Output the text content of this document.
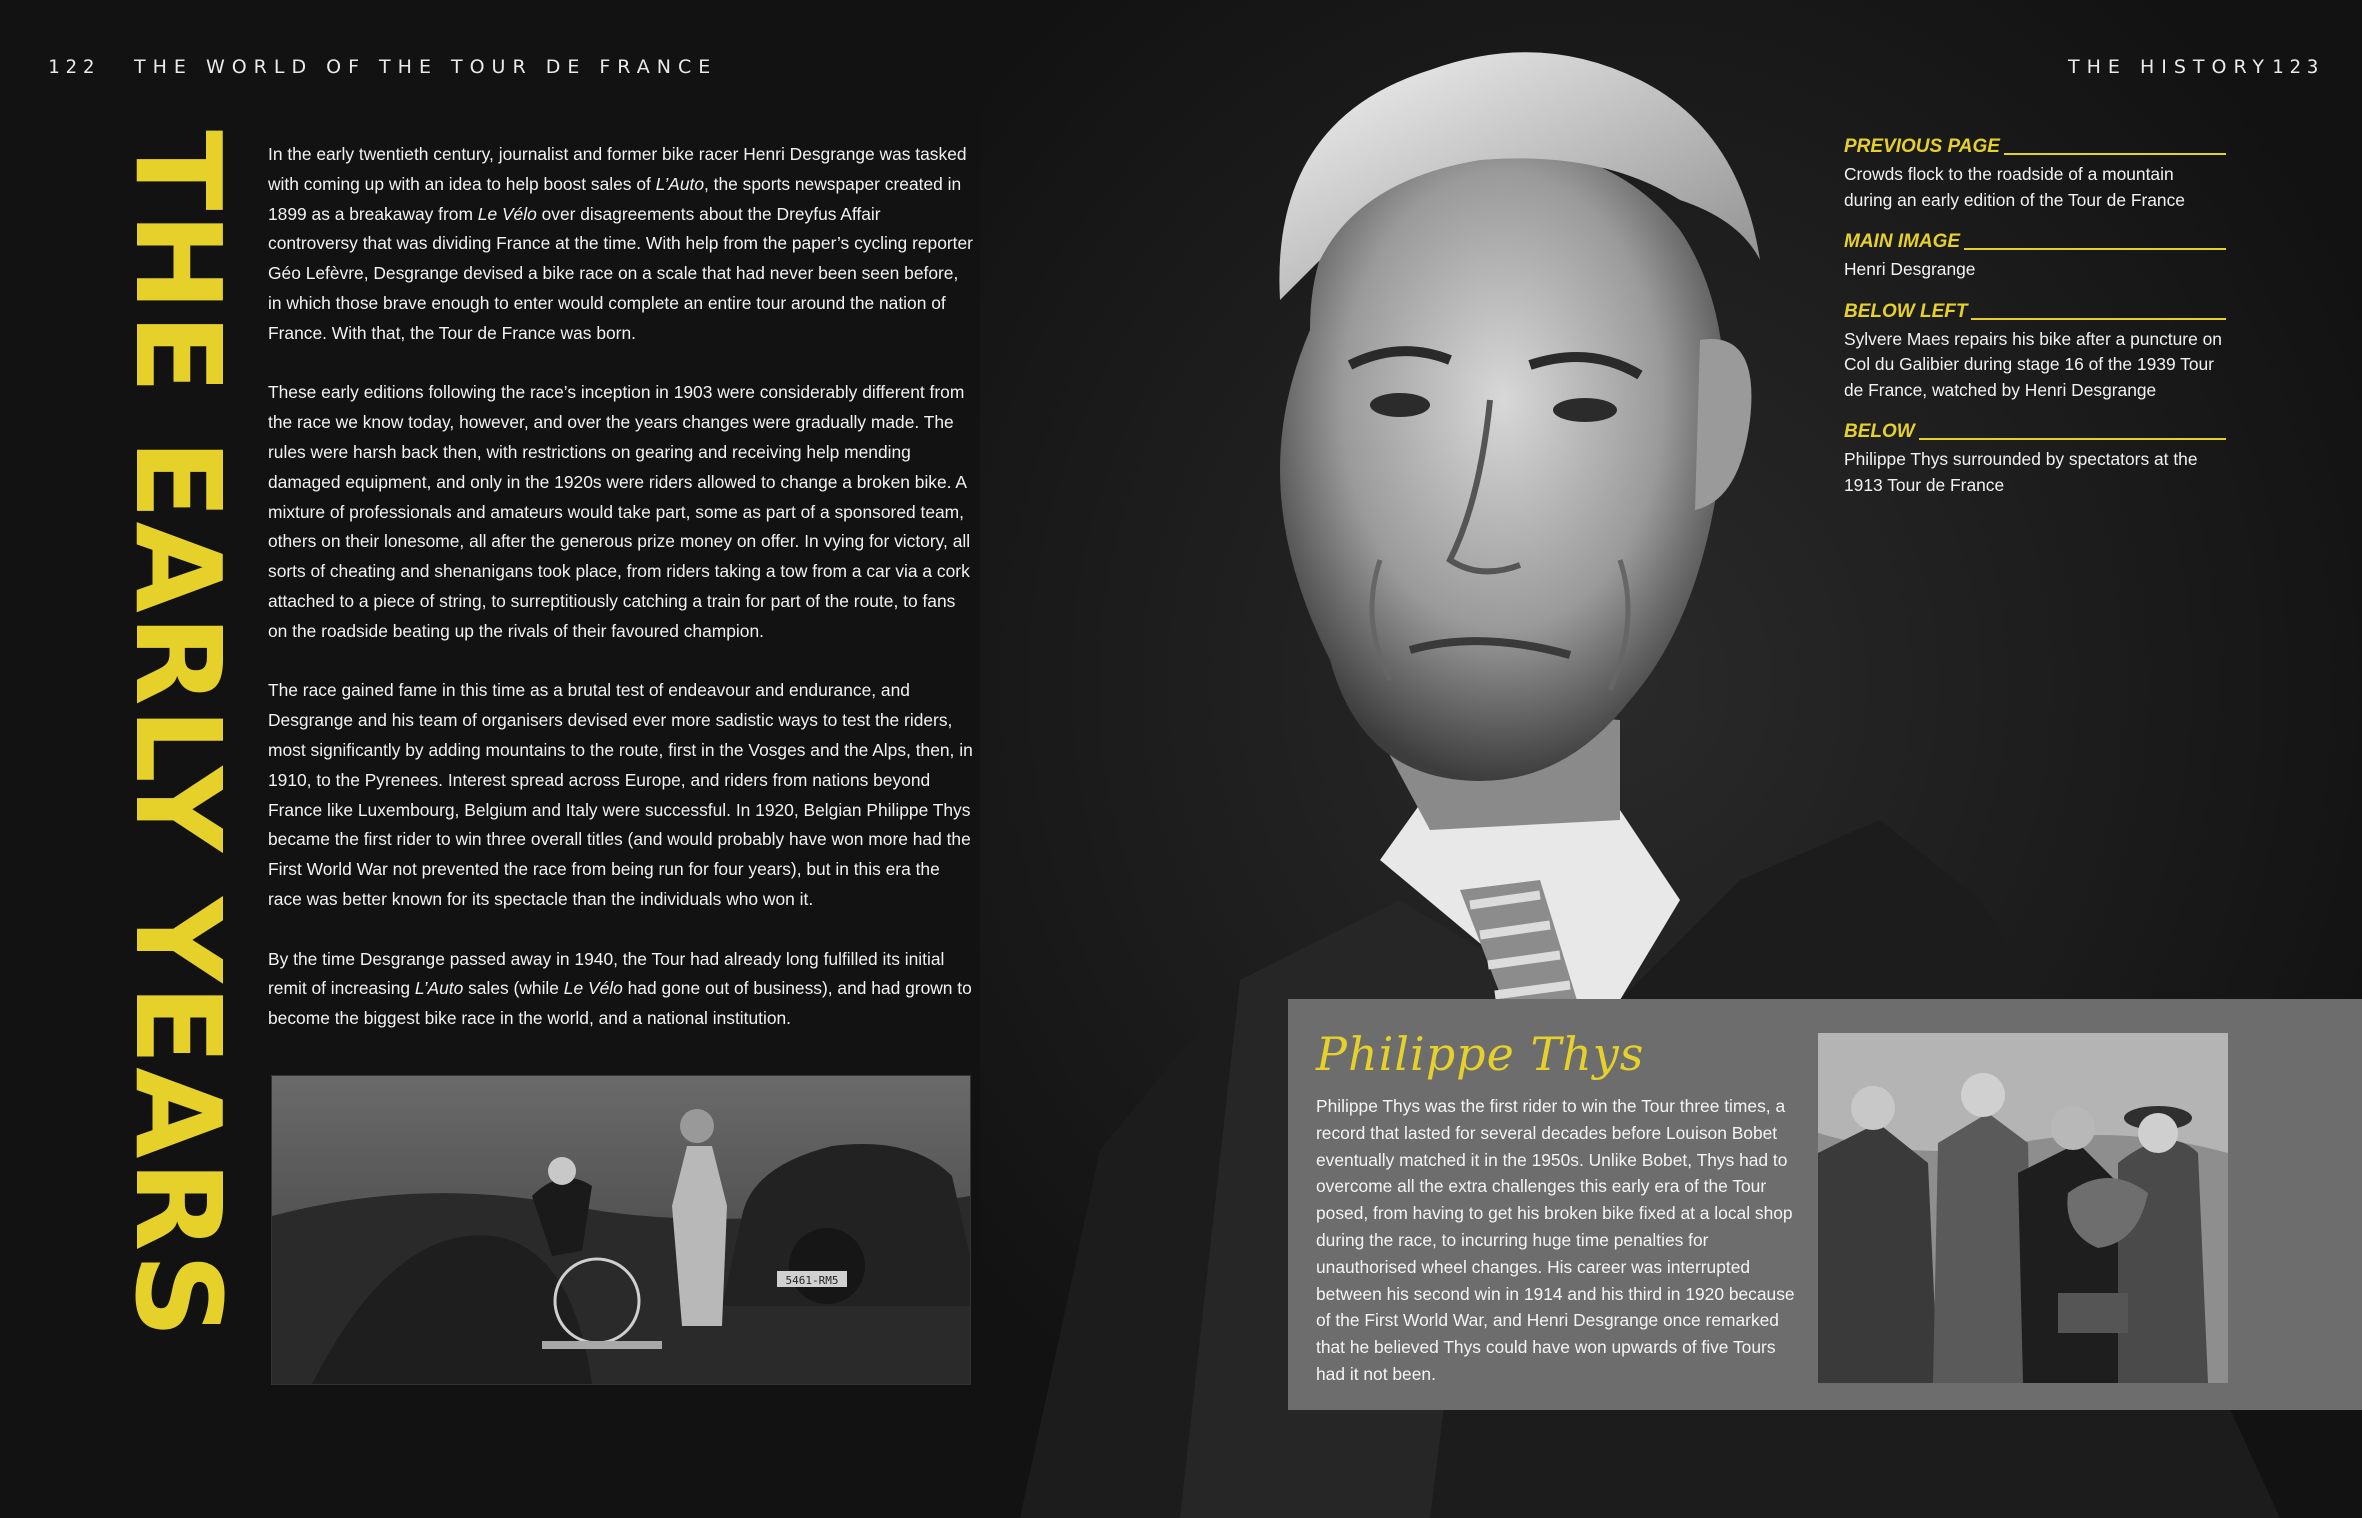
122 THE WORLD OF THE TOUR DE FRANCE	THE HISTORY 123
THE EARLY YEARS In the early twentieth century, journalist and former bike racer Henri Desgrange was tasked with coming up with an idea to help boost sales of L’Auto, the sports newspaper created in 1899 as a breakaway from Le Vélo over disagreements about the Dreyfus Affair controversy that was dividing France at the time. With help from the paper’s cycling reporter Géo Lefèvre, Desgrange devised a bike race on a scale that had never been seen before, in which those brave enough to enter would complete an entire tour around the nation of France. With that, the Tour de France was born.

These early editions following the race’s inception in 1903 were considerably different from the race we know today, however, and over the years changes were gradually made. The rules were harsh back then, with restrictions on gearing and receiving help mending damaged equipment, and only in the 1920s were riders allowed to change a broken bike. A mixture of professionals and amateurs would take part, some as part of a sponsored team, others on their lonesome, all after the generous prize money on offer. In vying for victory, all sorts of cheating and shenanigans took place, from riders taking a tow from a car via a cork attached to a piece of string, to surreptitiously catching a train for part of the route, to fans on the roadside beating up the rivals of their favoured champion.

The race gained fame in this time as a brutal test of endeavour and endurance, and Desgrange and his team of organisers devised ever more sadistic ways to test the riders, most significantly by adding mountains to the route, first in the Vosges and the Alps, then, in 1910, to the Pyrenees. Interest spread across Europe, and riders from nations beyond France like Luxembourg, Belgium and Italy were successful. In 1920, Belgian Philippe Thys became the first rider to win three overall titles (and would probably have won more had the First World War not prevented the race from being run for four years), but in this era the race was better known for its spectacle than the individuals who won it.

By the time Desgrange passed away in 1940, the Tour had already long fulfilled its initial remit of increasing L’Auto sales (while Le Vélo had gone out of business), and had grown to become the biggest bike race in the world, and a national institution.

5461-RM5
PREVIOUS PAGE
Crowds flock to the roadside of a mountain during an early edition of the Tour de France
MAIN IMAGE
Henri Desgrange
BELOW LEFT
Sylvere Maes repairs his bike after a puncture on Col du Galibier during stage 16 of the 1939 Tour de France, watched by Henri Desgrange
BELOW
Philippe Thys surrounded by spectators at the 1913 Tour de France
Philippe Thys
Philippe Thys was the first rider to win the Tour three times, a record that lasted for several decades before Louison Bobet eventually matched it in the 1950s. Unlike Bobet, Thys had to overcome all the extra challenges this early era of the Tour posed, from having to get his broken bike fixed at a local shop during the race, to incurring huge time penalties for unauthorised wheel changes. His career was interrupted between his second win in 1914 and his third in 1920 because of the First World War, and Henri Desgrange once remarked that he believed Thys could have won upwards of five Tours had it not been.
